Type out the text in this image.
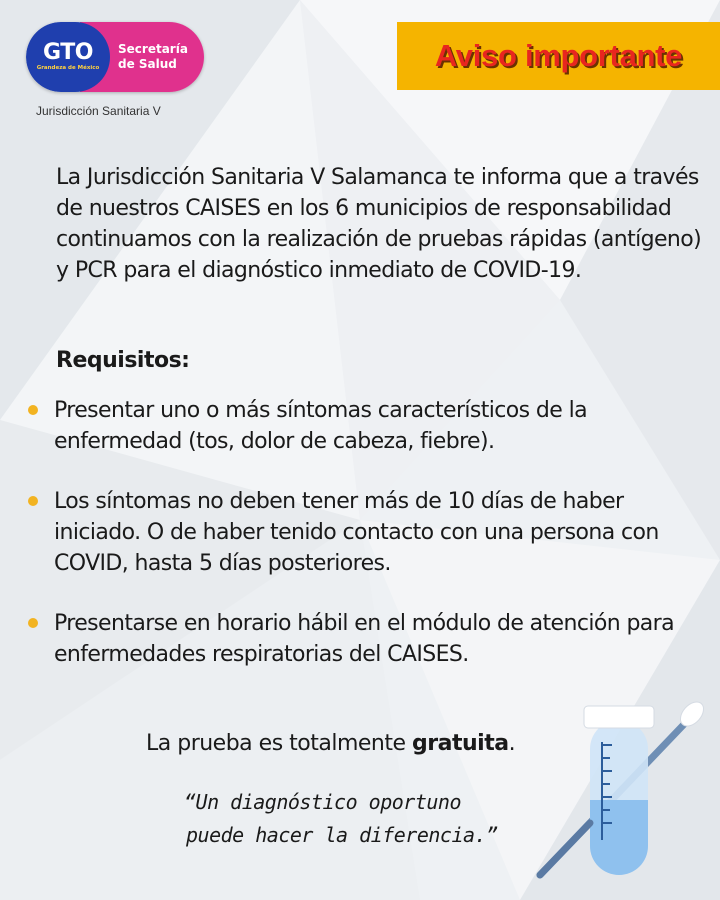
GTO
Grandeza de México
Secretaría
de Salud
Jurisdicción Sanitaria V
Aviso importante

La Jurisdicción Sanitaria V Salamanca te informa que a través de nuestros CAISES en los 6 municipios de responsabilidad continuamos con la realización de pruebas rápidas (antígeno) y PCR para el diagnóstico inmediato de COVID-19.

Requisitos:
Presentar uno o más síntomas característicos de la enfermedad (tos, dolor de cabeza, fiebre).
Los síntomas no deben tener más de 10 días de haber iniciado. O de haber tenido contacto con una persona con COVID, hasta 5 días posteriores.
Presentarse en horario hábil en el módulo de atención para enfermedades respiratorias del CAISES.
La prueba es totalmente gratuita.
“Un diagnóstico oportuno
puede hacer la diferencia.”
